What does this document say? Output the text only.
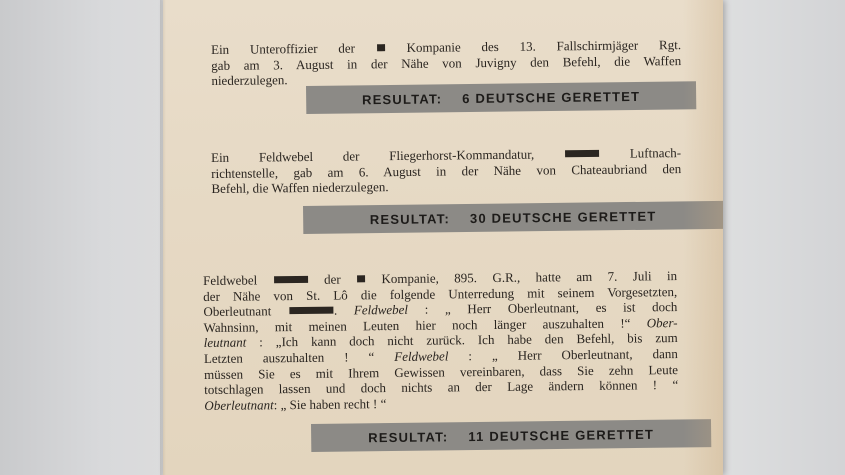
Ein Unteroffizier der  Kompanie des 13. Fallschirmjäger Rgt.
gab am 3. August in der Nähe von Juvigny den Befehl, die Waffen
niederzulegen.
RESULTAT: 6 DEUTSCHE GERETTET
Ein Feldwebel der Fliegerhorst-Kommandatur,	Luftnach-
richtenstelle, gab am 6. August in der Nähe von Chateaubriand den
Befehl, die Waffen niederzulegen.
RESULTAT: 30 DEUTSCHE GERETTET
Feldwebel	der  Kompanie, 895. G.R., hatte am 7. Juli in
der Nähe von St. Lô die folgende Unterredung mit seinem Vorgesetzten,
Oberleutnant	. Feldwebel : „ Herr Oberleutnant, es ist doch
Wahnsinn, mit meinen Leuten hier noch länger auszuhalten !“ Ober-
leutnant : „Ich kann doch nicht zurück. Ich habe den Befehl, bis zum
Letzten auszuhalten ! “ Feldwebel : „ Herr Oberleutnant, dann
müssen Sie es mit Ihrem Gewissen vereinbaren, dass Sie zehn Leute
totschlagen lassen und doch nichts an der Lage ändern können ! “
Oberleutnant: „ Sie haben recht ! “
RESULTAT: 11 DEUTSCHE GERETTET
